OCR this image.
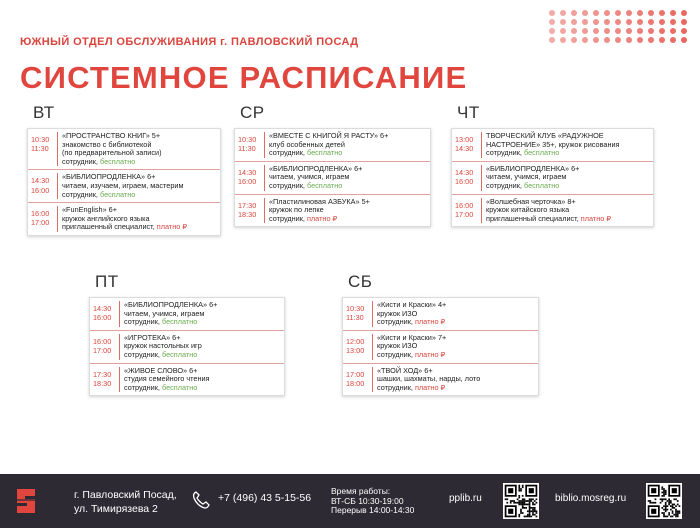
ЮЖНЫЙ ОТДЕЛ ОБСЛУЖИВАНИЯ г. ПАВЛОВСКИЙ ПОСАД
СИСТЕМНОЕ РАСПИСАНИЕ
ВТ
10:30
11:30
«ПРОСТРАНСТВО КНИГ» 5+
знакомство с библиотекой
(по предварительной записи)
сотрудник, бесплатно
14:30
16:00
«БИБЛИОПРОДЛЕНКА» 6+
читаем, изучаем, играем, мастерим
сотрудник, бесплатно
16:00
17:00
«FunEnglish» 6+
кружок английского языка
приглашенный специалист, платно ₽
СР
10:30
11:30
«ВМЕСТЕ С КНИГОЙ Я РАСТУ» 6+
клуб особенных детей
сотрудник, бесплатно
14:30
16:00
«БИБЛИОПРОДЛЕНКА» 6+
читаем, учимся, играем
сотрудник, бесплатно
17:30
18:30
«Пластилиновая АЗБУКА» 5+
кружок по лепке
сотрудник, платно ₽
ЧТ
13:00
14:30
ТВОРЧЕСКИЙ КЛУБ «РАДУЖНОЕ
НАСТРОЕНИЕ» 35+, кружок рисования
сотрудник, бесплатно
14:30
16:00
«БИБЛИОПРОДЛЕНКА» 6+
читаем, учимся, играем
сотрудник, бесплатно
16:00
17:00
«Волшебная черточка» 8+
кружок китайского языка
приглашенный специалист, платно ₽
ПТ
14:30
16:00
«БИБЛИОПРОДЛЕНКА» 6+
читаем, учимся, играем
сотрудник, бесплатно
16:00
17:00
«ИГРОТЕКА» 6+
кружок настольных игр
сотрудник, бесплатно
17:30
18:30
«ЖИВОЕ СЛОВО» 6+
студия семейного чтения
сотрудник, бесплатно
СБ
10:30
11:30
«Кисти и Краски» 4+
кружок ИЗО
сотрудник, платно ₽
12:00
13:00
«Кисти и Краски» 7+
кружок ИЗО
сотрудник, платно ₽
17:00
18:00
«ТВОЙ ХОД» 6+
шашки, шахматы, нарды, лото
сотрудник, платно ₽
г. Павловский Посад,
ул. Тимирязева 2
+7 (496) 43 5-15-56
Время работы:
ВТ-СБ 10:30-19:00
Перерыв 14:00-14:30
pplib.ru	biblio.mosreg.ru
